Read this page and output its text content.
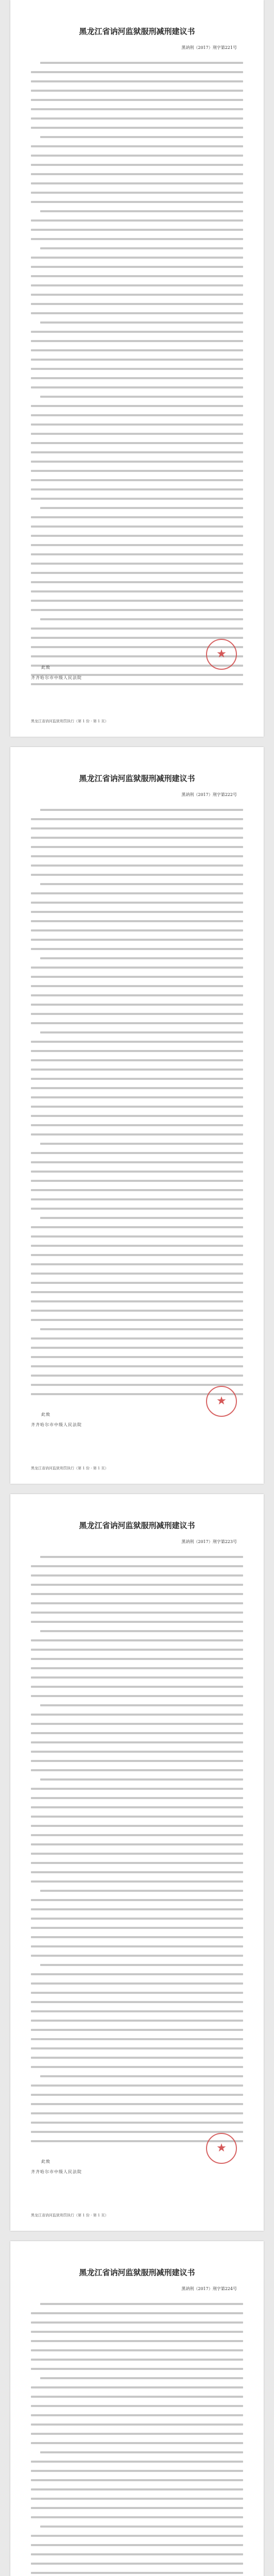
黑龙江省讷河监狱服刑减刑建议书
黑讷刑（2017）刑字第221号
此致
齐齐哈尔市中级人民法院
★
黑龙江省讷河监狱刑罚执行（第 1 份 · 第 1 页）
黑龙江省讷河监狱服刑减刑建议书
黑讷刑（2017）刑字第222号
此致
齐齐哈尔市中级人民法院
★
黑龙江省讷河监狱刑罚执行（第 1 份 · 第 1 页）
黑龙江省讷河监狱服刑减刑建议书
黑讷刑（2017）刑字第223号
此致
齐齐哈尔市中级人民法院
★
黑龙江省讷河监狱刑罚执行（第 1 份 · 第 1 页）
黑龙江省讷河监狱服刑减刑建议书
黑讷刑（2017）刑字第224号
